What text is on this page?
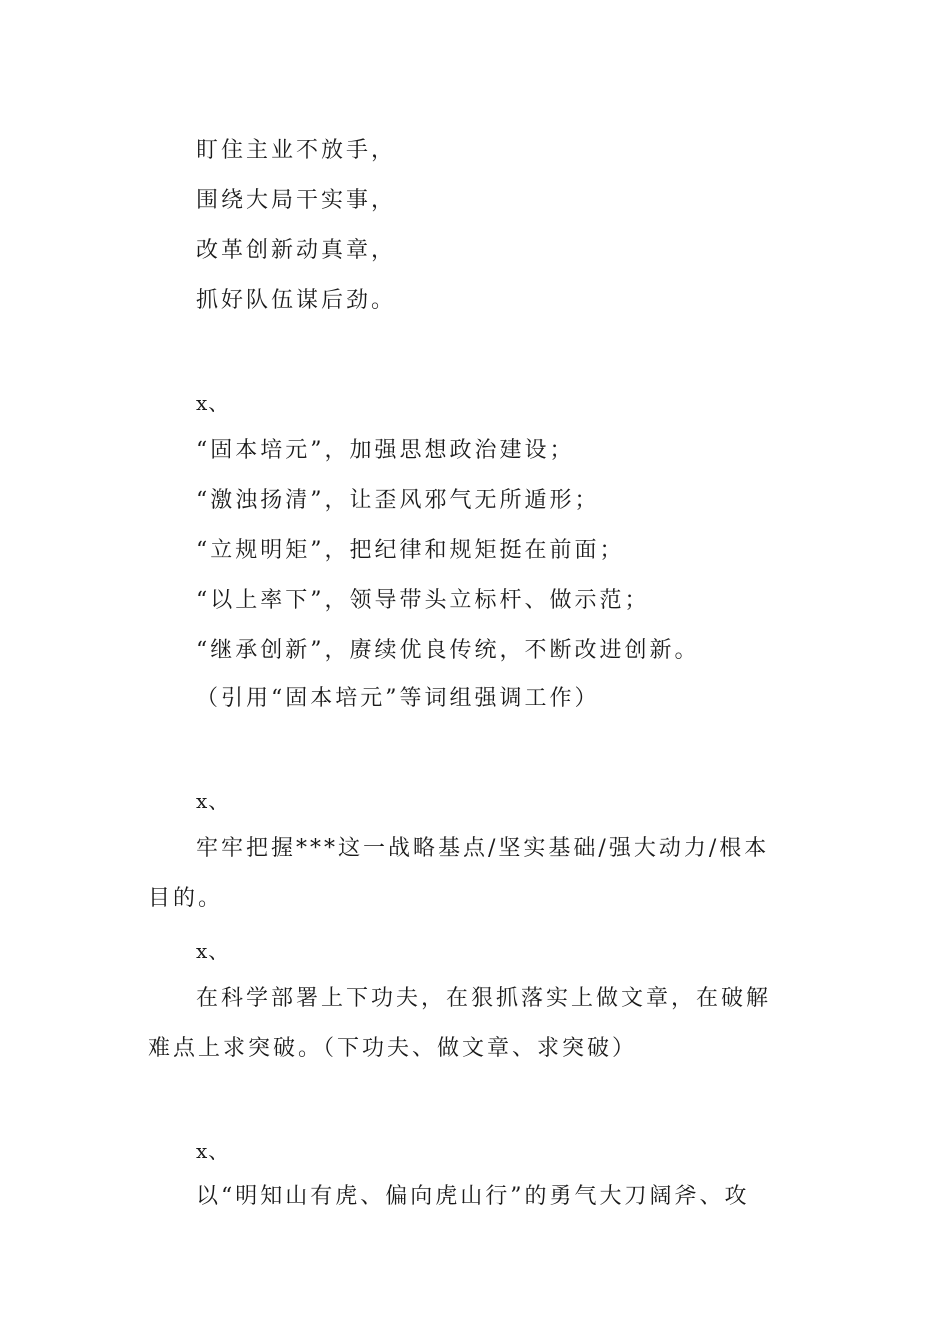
盯住主业不放手，
围绕大局干实事，
改革创新动真章，
抓好队伍谋后劲。
x、
“固本培元”，加强思想政治建设；
“激浊扬清”，让歪风邪气无所遁形；
“立规明矩”，把纪律和规矩挺在前面；
“以上率下”，领导带头立标杆、做示范；
“继承创新”，赓续优良传统，不断改进创新。
（引用“固本培元”等词组强调工作）
x、
牢牢把握***这一战略基点/坚实基础/强大动力/根本
目的。
x、
在科学部署上下功夫，在狠抓落实上做文章，在破解
难点上求突破。（下功夫、做文章、求突破）
x、
以“明知山有虎、偏向虎山行”的勇气大刀阔斧、攻
